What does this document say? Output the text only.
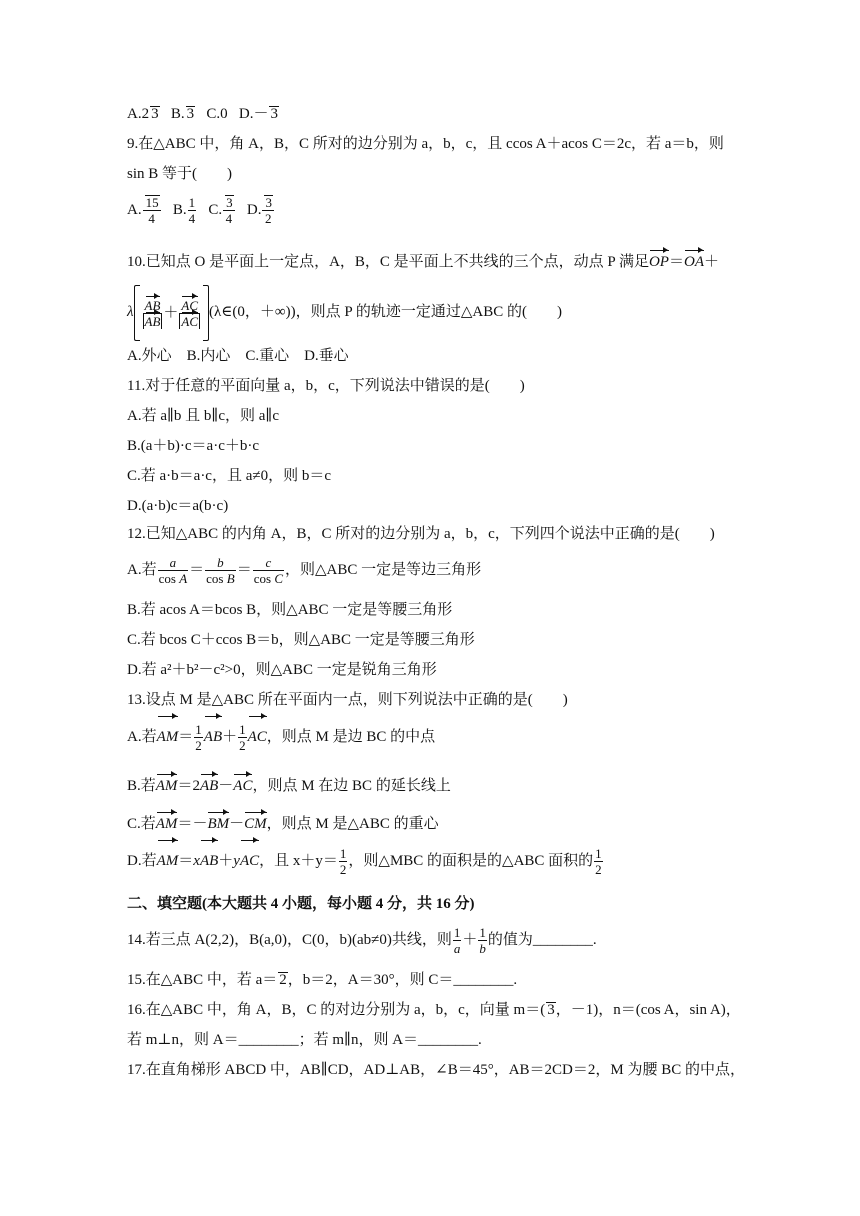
A.2 3 B. 3 C.0 D.－ 3
9.在△ABC 中，角 A，B，C 所对的边分别为 a，b，c，且 ccos A＋acos C＝2c，若 a＝b，则
sin B 等于(　　)
A. $\frac{15}{4} B$. $\frac{1}{4} C$. $\frac{3}{4} D$. $\frac{3}{2}$
10.已知点 O 是平面上一定点，A，B，C 是平面上不共线的三个点，动点 P 满足OP＝OA＋
λ $\frac{AB}{AB} + \frac{AC}{AC}$ (λ∈(0，＋∞))，则点 P 的轨迹一定通过△ABC 的(　　)
A.外心　B.内心　C.重心　D.垂心
11.对于任意的平面向量 a，b，c，下列说法中错误的是(　　)
A.若 a∥b 且 b∥c，则 a∥c
B.(a＋b)·c＝a·c＋b·c
C.若 a·b＝a·c，且 a≠0，则 b＝c
D.(a·b)c＝a(b·c)
12.已知△ABC 的内角 A，B，C 所对的边分别为 a，b，c，下列四个说法中正确的是(　　)
A.若 $\frac{a}{\text{cos A}} = \frac{b}{\text{cos B}} = \frac{c}{\text{cos C}}$ ，则△ABC 一定是等边三角形
B.若 acos A＝bcos B，则△ABC 一定是等腰三角形
C.若 bcos C＋ccos B＝b，则△ABC 一定是等腰三角形
D.若 a²＋b²－c²>0，则△ABC 一定是锐角三角形
13.设点 M 是△ABC 所在平面内一点，则下列说法中正确的是(　　)
A.若$AM= \frac{1}{2} AB+ \frac{1}{2}$ AC，则点 M 是边 BC 的中点
B.若AM＝2AB－AC，则点 M 在边 BC 的延长线上
C.若AM＝－BM－CM，则点 M 是△ABC 的重心
D.若AM＝xAB＋yAC，且 $x+y= \frac{1}{2}$ ，则△MBC 的面积是的△ABC 面积的 $\frac{1}{2}$
二、填空题(本大题共 4 小题，每小题 4 分，共 16 分)
14.若三点 A(2,2)，B(a,0)，C(0，b)(ab≠0)共线，则 $\frac{1}{a} + \frac{1}{b}$ 的值为________.
15.在△ABC 中，若 a＝ 2，b＝2，A＝30°，则 C＝________.
16.在△ABC 中，角 A，B，C 的对边分别为 a，b，c，向量 m＝( 3，－1)，n＝(cos A，sin A)，
若 m⊥n，则 A＝________；若 m∥n，则 A＝________.
17.在直角梯形 ABCD 中，AB∥CD，AD⊥AB，∠B＝45°，AB＝2CD＝2，M 为腰 BC 的中点，
